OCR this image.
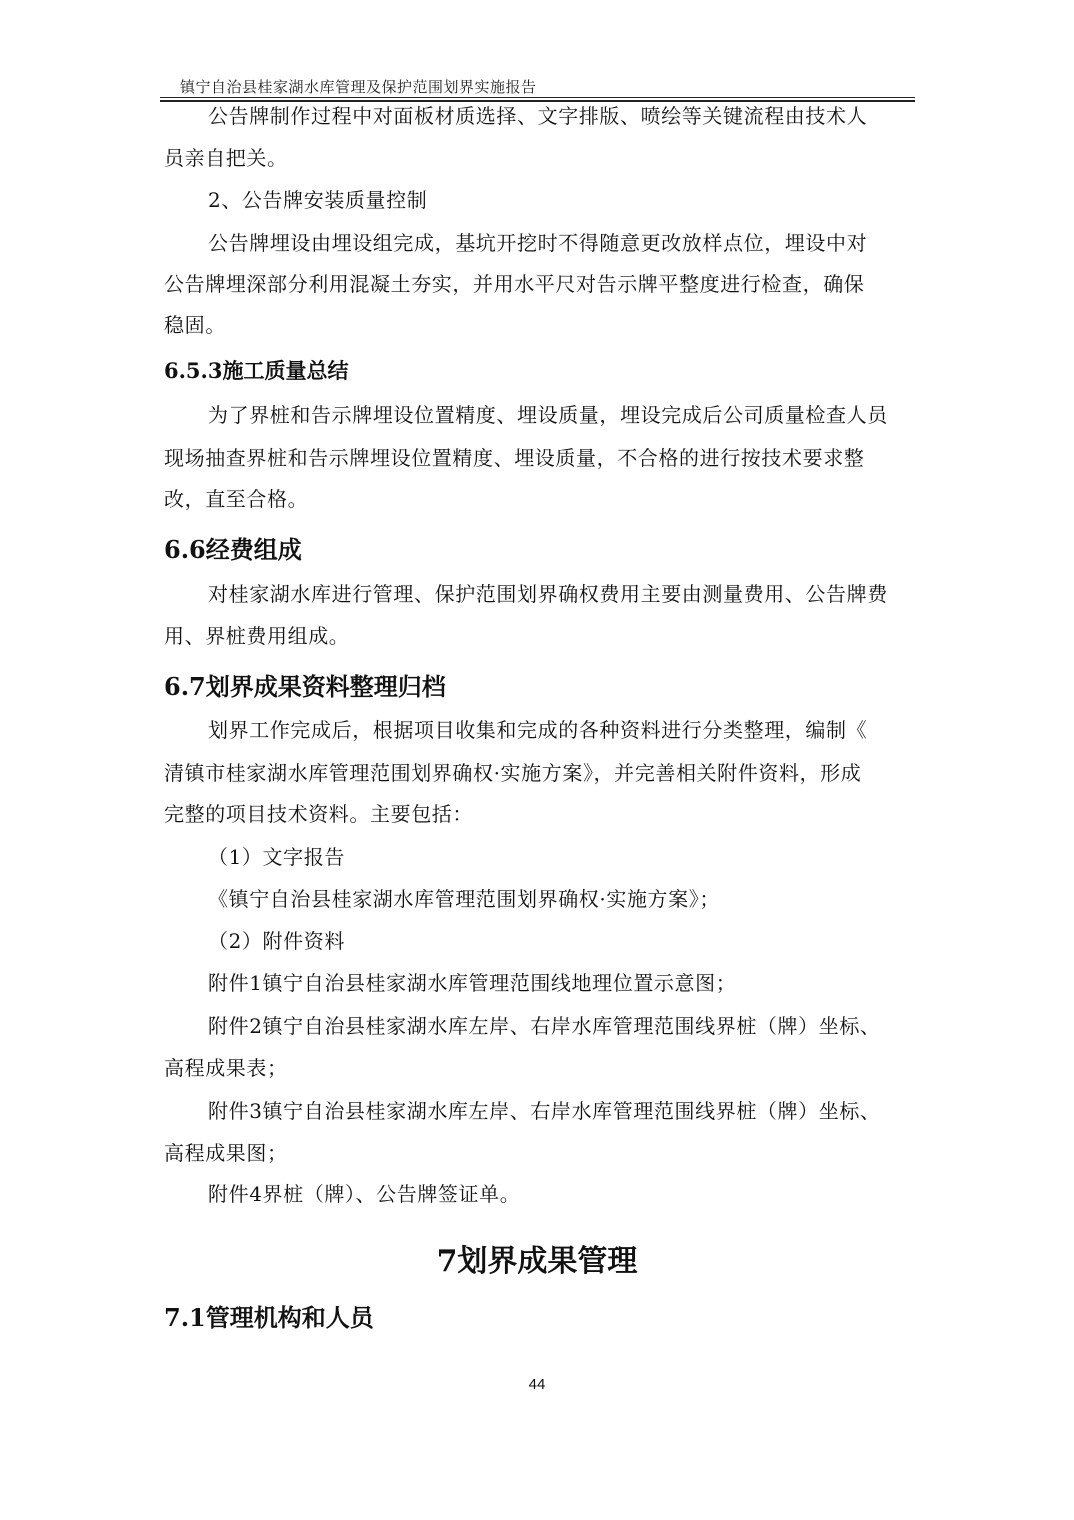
镇宁自治县桂家湖水库管理及保护范围划界实施报告
公告牌制作过程中对面板材质选择、文字排版、喷绘等关键流程由技术人
员亲自把关。
2、公告牌安装质量控制
公告牌埋设由埋设组完成，基坑开挖时不得随意更改放样点位，埋设中对
公告牌埋深部分利用混凝土夯实，并用水平尺对告示牌平整度进行检查，确保
稳固。
6.5.3施工质量总结
为了界桩和告示牌埋设位置精度、埋设质量，埋设完成后公司质量检查人员
现场抽查界桩和告示牌埋设位置精度、埋设质量，不合格的进行按技术要求整
改，直至合格。
6.6经费组成
对桂家湖水库进行管理、保护范围划界确权费用主要由测量费用、公告牌费
用、界桩费用组成。
6.7划界成果资料整理归档
划界工作完成后，根据项目收集和完成的各种资料进行分类整理，编制《
清镇市桂家湖水库管理范围划界确权·实施方案》，并完善相关附件资料，形成
完整的项目技术资料。主要包括：
（1）文字报告
《镇宁自治县桂家湖水库管理范围划界确权·实施方案》；
（2）附件资料
附件1镇宁自治县桂家湖水库管理范围线地理位置示意图；
附件2镇宁自治县桂家湖水库左岸、右岸水库管理范围线界桩（牌）坐标、
高程成果表；
附件3镇宁自治县桂家湖水库左岸、右岸水库管理范围线界桩（牌）坐标、
高程成果图；
附件4界桩（牌）、公告牌签证单。
7划界成果管理
7.1管理机构和人员
44
